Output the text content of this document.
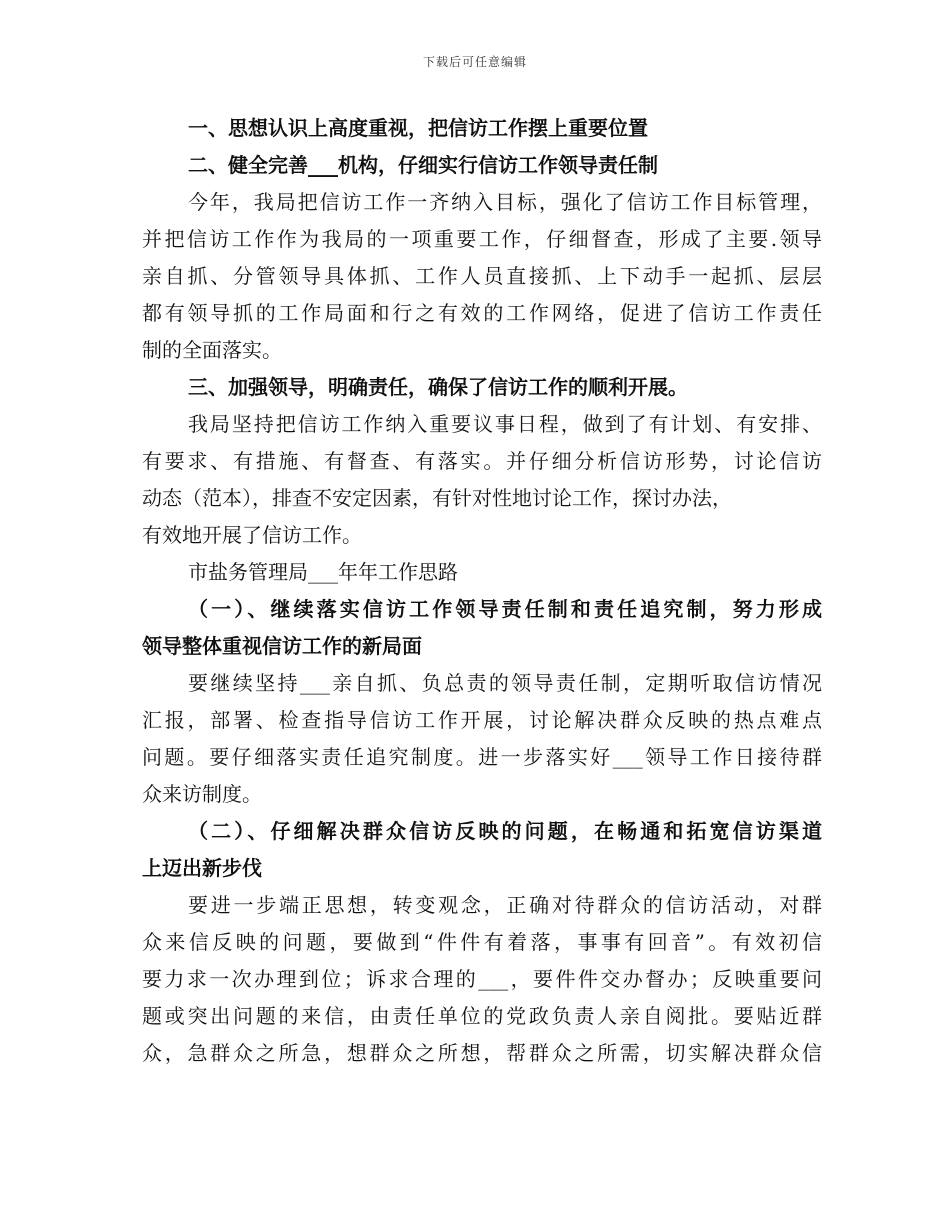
下载后可任意编辑
一、思想认识上高度重视，把信访工作摆上重要位置
二、健全完善___机构，仔细实行信访工作领导责任制
今年，我局把信访工作一齐纳入目标，强化了信访工作目标管理，
并把信访工作作为我局的一项重要工作，仔细督查，形成了主要.领导
亲自抓、分管领导具体抓、工作人员直接抓、上下动手一起抓、层层
都有领导抓的工作局面和行之有效的工作网络，促进了信访工作责任
制的全面落实。
三、加强领导，明确责任，确保了信访工作的顺利开展。
我局坚持把信访工作纳入重要议事日程，做到了有计划、有安排、
有要求、有措施、有督查、有落实。并仔细分析信访形势，讨论信访
动态（范本），排查不安定因素，有针对性地讨论工作，探讨办法，
有效地开展了信访工作。
市盐务管理局___年年工作思路
（一）、继续落实信访工作领导责任制和责任追究制，努力形成
领导整体重视信访工作的新局面
要继续坚持___亲自抓、负总责的领导责任制，定期听取信访情况
汇报，部署、检查指导信访工作开展，讨论解决群众反映的热点难点
问题。要仔细落实责任追究制度。进一步落实好___领导工作日接待群
众来访制度。
（二）、仔细解决群众信访反映的问题，在畅通和拓宽信访渠道
上迈出新步伐
要进一步端正思想，转变观念，正确对待群众的信访活动，对群
众来信反映的问题，要做到“件件有着落，事事有回音”。有效初信
要力求一次办理到位；诉求合理的___，要件件交办督办；反映重要问
题或突出问题的来信，由责任单位的党政负责人亲自阅批。要贴近群
众，急群众之所急，想群众之所想，帮群众之所需，切实解决群众信
